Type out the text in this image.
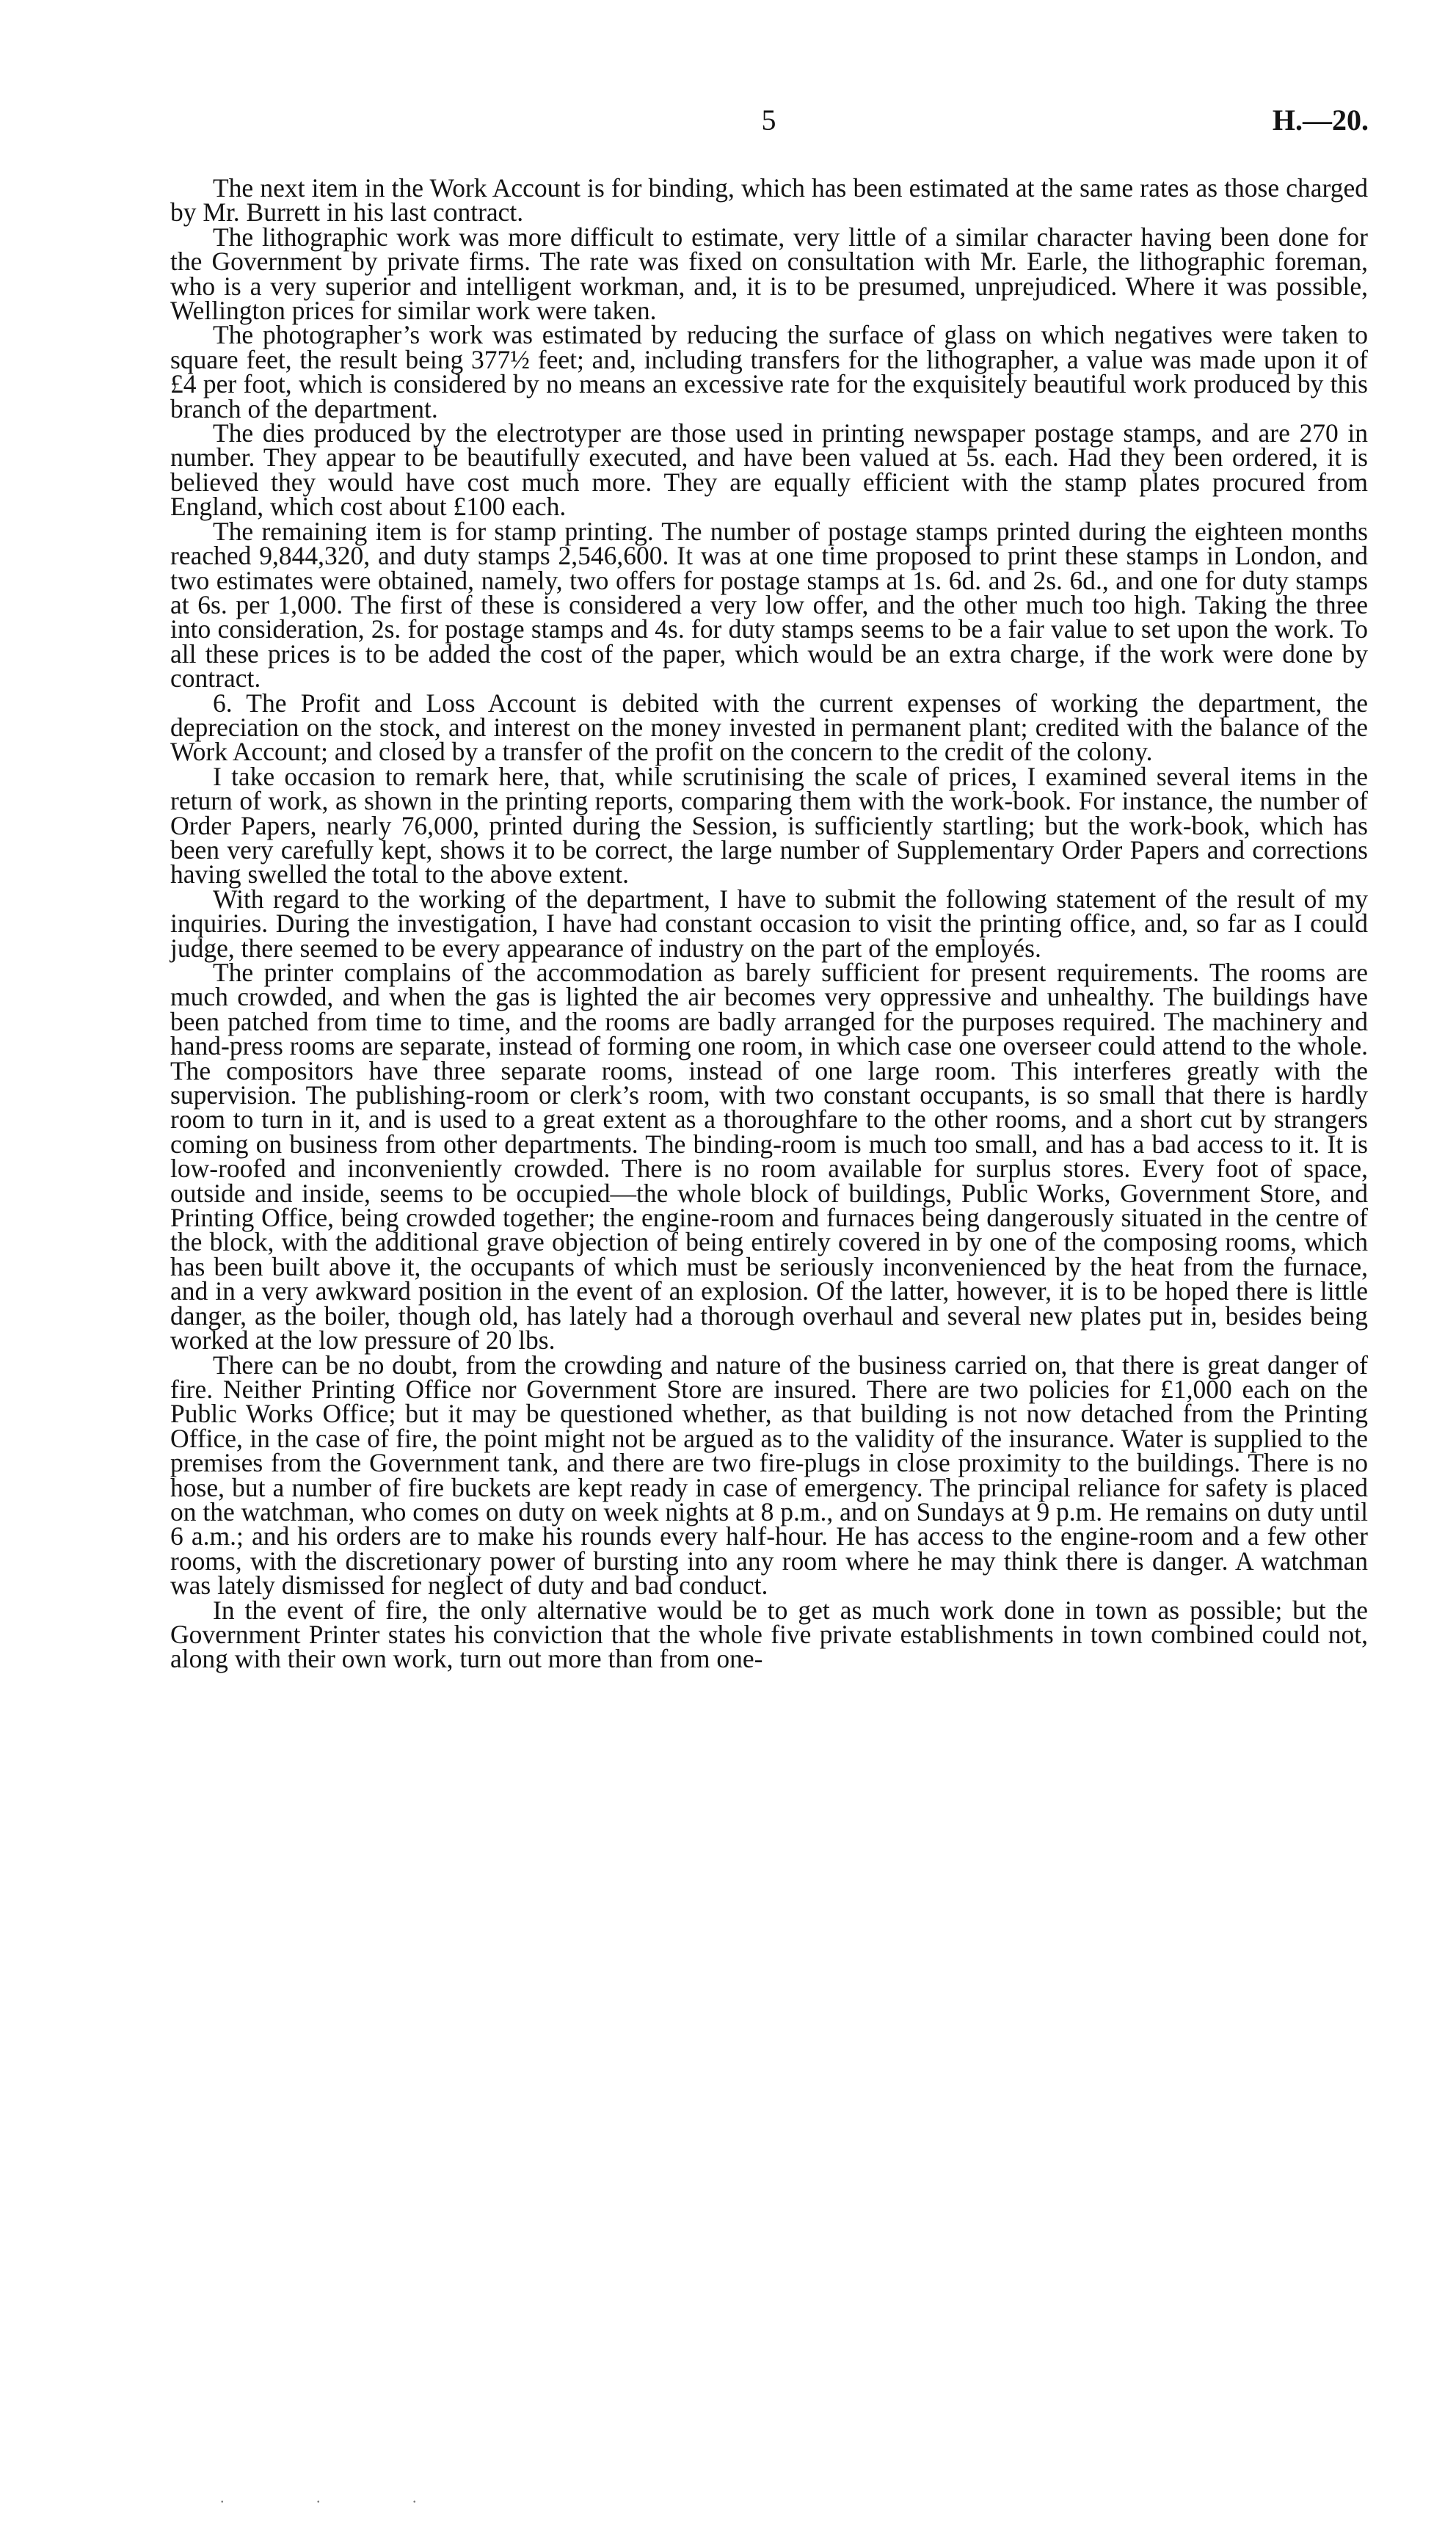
5	H.—20.

The next item in the Work Account is for binding, which has been estimated at the same rates as those charged by Mr. Burrett in his last contract.

The lithographic work was more difficult to estimate, very little of a similar character having been done for the Government by private firms. The rate was fixed on consultation with Mr. Earle, the lithographic foreman, who is a very superior and intelligent workman, and, it is to be presumed, unprejudiced. Where it was possible, Wellington prices for similar work were taken.

The photographer’s work was estimated by reducing the surface of glass on which negatives were taken to square feet, the result being 377½ feet; and, including transfers for the lithographer, a value was made upon it of £4 per foot, which is considered by no means an excessive rate for the exquisitely beautiful work produced by this branch of the department.

The dies produced by the electrotyper are those used in printing newspaper postage stamps, and are 270 in number. They appear to be beautifully executed, and have been valued at 5s. each. Had they been ordered, it is believed they would have cost much more. They are equally efficient with the stamp plates procured from England, which cost about £100 each.

The remaining item is for stamp printing. The number of postage stamps printed during the eighteen months reached 9,844,320, and duty stamps 2,546,600. It was at one time proposed to print these stamps in London, and two estimates were obtained, namely, two offers for postage stamps at 1s. 6d. and 2s. 6d., and one for duty stamps at 6s. per 1,000. The first of these is considered a very low offer, and the other much too high. Taking the three into consideration, 2s. for postage stamps and 4s. for duty stamps seems to be a fair value to set upon the work. To all these prices is to be added the cost of the paper, which would be an extra charge, if the work were done by contract.

6. The Profit and Loss Account is debited with the current expenses of working the department, the depreciation on the stock, and interest on the money invested in permanent plant; credited with the balance of the Work Account; and closed by a transfer of the profit on the concern to the credit of the colony.

I take occasion to remark here, that, while scrutinising the scale of prices, I examined several items in the return of work, as shown in the printing reports, comparing them with the work-book. For instance, the number of Order Papers, nearly 76,000, printed during the Session, is sufficiently startling; but the work-book, which has been very carefully kept, shows it to be correct, the large number of Supplementary Order Papers and corrections having swelled the total to the above extent.

With regard to the working of the department, I have to submit the following statement of the result of my inquiries. During the investigation, I have had constant occasion to visit the printing office, and, so far as I could judge, there seemed to be every appearance of industry on the part of the employés.

The printer complains of the accommodation as barely sufficient for present requirements. The rooms are much crowded, and when the gas is lighted the air becomes very oppressive and unhealthy. The buildings have been patched from time to time, and the rooms are badly arranged for the purposes required. The machinery and hand-press rooms are separate, instead of forming one room, in which case one overseer could attend to the whole. The compositors have three separate rooms, instead of one large room. This interferes greatly with the supervision. The publishing-room or clerk’s room, with two constant occupants, is so small that there is hardly room to turn in it, and is used to a great extent as a thoroughfare to the other rooms, and a short cut by strangers coming on business from other departments. The binding-room is much too small, and has a bad access to it. It is low-roofed and inconveniently crowded. There is no room available for surplus stores. Every foot of space, outside and inside, seems to be occupied—the whole block of buildings, Public Works, Government Store, and Printing Office, being crowded together; the engine-room and furnaces being dangerously situated in the centre of the block, with the additional grave objection of being entirely covered in by one of the composing rooms, which has been built above it, the occupants of which must be seriously inconvenienced by the heat from the furnace, and in a very awkward position in the event of an explosion. Of the latter, however, it is to be hoped there is little danger, as the boiler, though old, has lately had a thorough overhaul and several new plates put in, besides being worked at the low pressure of 20 lbs.

There can be no doubt, from the crowding and nature of the business carried on, that there is great danger of fire. Neither Printing Office nor Government Store are insured. There are two policies for £1,000 each on the Public Works Office; but it may be questioned whether, as that building is not now detached from the Printing Office, in the case of fire, the point might not be argued as to the validity of the insurance. Water is supplied to the premises from the Government tank, and there are two fire-plugs in close proximity to the buildings. There is no hose, but a number of fire buckets are kept ready in case of emergency. The principal reliance for safety is placed on the watchman, who comes on duty on week nights at 8 p.m., and on Sundays at 9 p.m. He remains on duty until 6 a.m.; and his orders are to make his rounds every half-hour. He has access to the engine-room and a few other rooms, with the discretionary power of bursting into any room where he may think there is danger. A watchman was lately dismissed for neglect of duty and bad conduct.

In the event of fire, the only alternative would be to get as much work done in town as possible; but the Government Printer states his conviction that the whole five private establishments in town combined could not, along with their own work, turn out more than from one-

. . .
